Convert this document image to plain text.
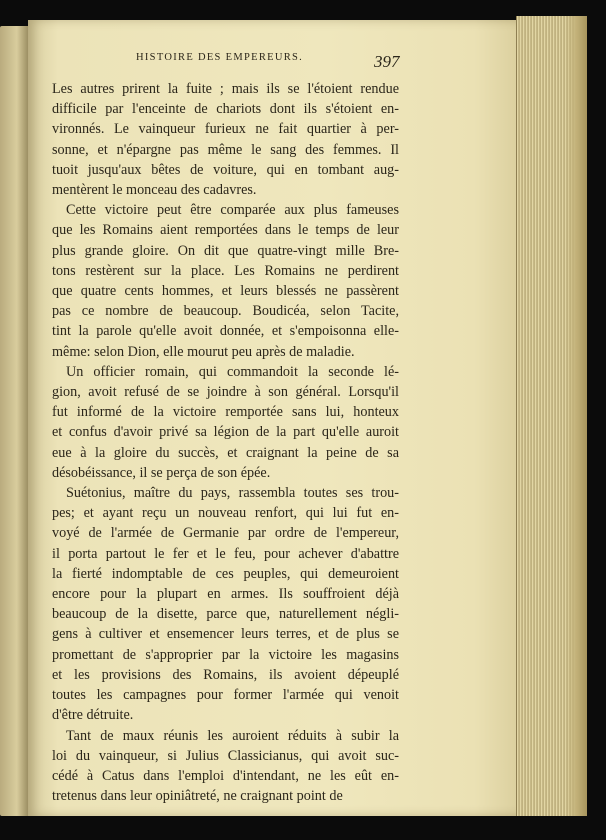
HISTOIRE DES EMPEREURS.	397

Les autres prirent la fuite ; mais ils se l'étoient rendue
difficile par l'enceinte de chariots dont ils s'étoient en-
vironnés. Le vainqueur furieux ne fait quartier à per-
sonne, et n'épargne pas même le sang des femmes. Il
tuoit jusqu'aux bêtes de voiture, qui en tombant aug-
mentèrent le monceau des cadavres.

Cette victoire peut être comparée aux plus fameuses
que les Romains aient remportées dans le temps de leur
plus grande gloire. On dit que quatre-vingt mille Bre-
tons restèrent sur la place. Les Romains ne perdirent
que quatre cents hommes, et leurs blessés ne passèrent
pas ce nombre de beaucoup. Boudicéa, selon Tacite,
tint la parole qu'elle avoit donnée, et s'empoisonna elle-
même: selon Dion, elle mourut peu après de maladie.

Un officier romain, qui commandoit la seconde lé-
gion, avoit refusé de se joindre à son général. Lorsqu'il
fut informé de la victoire remportée sans lui, honteux
et confus d'avoir privé sa légion de la part qu'elle auroit
eue à la gloire du succès, et craignant la peine de sa
désobéissance, il se perça de son épée.

Suétonius, maître du pays, rassembla toutes ses trou-
pes; et ayant reçu un nouveau renfort, qui lui fut en-
voyé de l'armée de Germanie par ordre de l'empereur,
il porta partout le fer et le feu, pour achever d'abattre
la fierté indomptable de ces peuples, qui demeuroient
encore pour la plupart en armes. Ils souffroient déjà
beaucoup de la disette, parce que, naturellement négli-
gens à cultiver et ensemencer leurs terres, et de plus se
promettant de s'approprier par la victoire les magasins
et les provisions des Romains, ils avoient dépeuplé
toutes les campagnes pour former l'armée qui venoit
d'être détruite.

Tant de maux réunis les auroient réduits à subir la
loi du vainqueur, si Julius Classicianus, qui avoit suc-
cédé à Catus dans l'emploi d'intendant, ne les eût en-
tretenus dans leur opiniâtreté, ne craignant point de
